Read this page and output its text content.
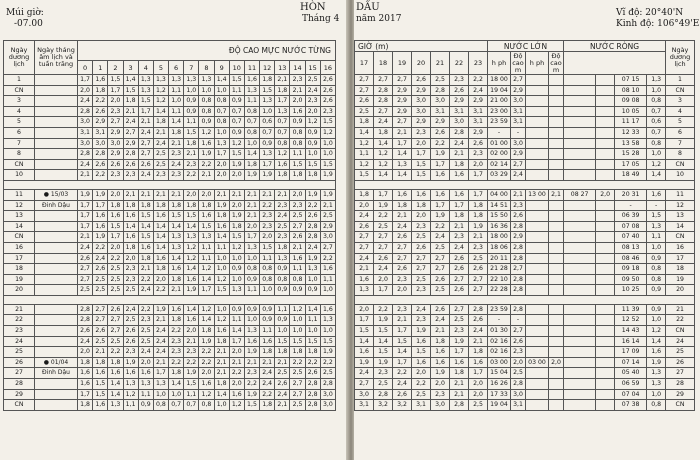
Múi giờ:
-07.00
HÒN
Tháng 4
Ngày dương lịch	Ngày tháng âm lịch và tuần trăng	ĐỘ CAO MỰC NƯỚC TỪNG																
		0	1	2	3	4	5	6	7	8	9	10	11	12	13	14	15	16
1		1,7	1,6	1,5	1,4	1,3	1,3	1,3	1,3	1,3	1,4	1,5	1,6	1,8	2,1	2,3	2,5	2,6
CN		2,0	1,8	1,7	1,5	1,3	1,2	1,1	1,0	1,0	1,0	1,1	1,3	1,5	1,8	2,1	2,4	2,6
3		2,4	2,2	2,0	1,8	1,5	1,2	1,0	0,9	0,8	0,8	0,9	1,1	1,3	1,7	2,0	2,3	2,6
4		2,8	2,6	2,3	2,1	1,7	1,4	1,1	0,9	0,8	0,7	0,7	0,8	1,0	1,3	1,6	2,0	2,3
5		3,0	2,9	2,7	2,4	2,1	1,8	1,4	1,1	0,9	0,8	0,7	0,7	0,6	0,7	0,9	1,2	1,5
6		3,1	3,1	2,9	2,7	2,4	2,1	1,8	1,5	1,2	1,0	0,9	0,8	0,7	0,7	0,8	0,9	1,2
7		3,0	3,0	3,0	2,9	2,7	2,4	2,1	1,8	1,6	1,3	1,2	1,0	0,9	0,8	0,8	0,9	1,0
8		2,8	2,8	2,9	2,8	2,7	2,5	2,3	2,1	1,9	1,7	1,5	1,4	1,3	1,2	1,1	1,0	1,0
CN		2,4	2,6	2,6	2,6	2,6	2,5	2,4	2,3	2,2	2,0	1,9	1,8	1,7	1,6	1,5	1,5	1,5
10		2,1	2,2	2,3	2,3	2,4	2,3	2,3	2,2	2,1	2,0	2,0	1,9	1,9	1,8	1,8	1,8	1,9

11	● 15/03	1,9	1,9	2,0	2,1	2,1	2,1	2,1	2,0	2,0	2,1	2,1	2,1	2,1	2,1	2,0	1,9	1,9
12	Đinh Dậu	1,7	1,7	1,8	1,8	1,8	1,8	1,8	1,8	1,8	1,9	2,0	2,1	2,2	2,3	2,3	2,2	2,1
13		1,7	1,6	1,6	1,6	1,5	1,6	1,5	1,5	1,6	1,8	1,9	2,1	2,3	2,4	2,5	2,6	2,5
14		1,7	1,6	1,5	1,4	1,4	1,4	1,4	1,4	1,5	1,6	1,8	2,0	2,3	2,5	2,7	2,8	2,9
CN		2,1	1,9	1,7	1,6	1,5	1,4	1,3	1,3	1,3	1,4	1,5	1,7	2,0	2,3	2,6	2,8	3,0
16		2,4	2,2	2,0	1,8	1,6	1,4	1,3	1,2	1,1	1,1	1,2	1,3	1,5	1,8	2,1	2,4	2,7
17		2,6	2,4	2,2	2,0	1,8	1,6	1,4	1,2	1,1	1,0	1,0	1,0	1,1	1,3	1,6	1,9	2,2
18		2,7	2,6	2,5	2,3	2,1	1,8	1,6	1,4	1,2	1,0	0,9	0,8	0,8	0,9	1,1	1,3	1,6
19		2,7	2,5	2,5	2,3	2,2	2,0	1,8	1,6	1,4	1,2	1,0	0,9	0,8	0,8	0,8	1,0	1,1
20		2,5	2,5	2,5	2,5	2,4	2,2	2,1	1,9	1,7	1,5	1,3	1,1	1,0	0,9	0,9	0,9	1,0

21		2,8	2,7	2,6	2,4	2,2	1,9	1,6	1,4	1,2	1,0	0,9	0,9	0,9	1,1	1,2	1,4	1,6
22		2,8	2,7	2,7	2,5	2,3	2,1	1,8	1,6	1,4	1,2	1,1	1,0	0,9	0,9	1,0	1,1	1,3
23		2,6	2,6	2,7	2,6	2,5	2,4	2,2	2,0	1,8	1,6	1,4	1,3	1,1	1,0	1,0	1,0	1,0
24		2,4	2,5	2,5	2,6	2,5	2,4	2,3	2,1	1,9	1,8	1,7	1,6	1,6	1,5	1,5	1,5	1,5
25		2,0	2,1	2,2	2,3	2,4	2,4	2,3	2,3	2,2	2,1	2,0	1,9	1,8	1,8	1,8	1,8	1,9
26	● 01/04	1,8	1,8	1,8	1,9	2,0	2,1	2,2	2,2	2,2	2,1	2,1	2,1	2,1	2,1	2,2	2,2	2,2
27	Đinh Dậu	1,6	1,6	1,6	1,6	1,6	1,7	1,8	1,9	2,0	2,1	2,2	2,3	2,4	2,5	2,5	2,6	2,5
28		1,6	1,5	1,4	1,3	1,3	1,3	1,4	1,5	1,6	1,8	2,0	2,2	2,4	2,6	2,7	2,8	2,8
29		1,7	1,5	1,4	1,2	1,1	1,0	1,0	1,1	1,2	1,4	1,6	1,9	2,2	2,4	2,7	2,8	3,0
CN		1,8	1,6	1,3	1,1	0,9	0,8	0,7	0,7	0,8	1,0	1,2	1,5	1,8	2,1	2,5	2,8	3,0
DẤU
năm 2017
Vĩ độ: 20°40'N
Kinh độ: 106°49'E
GIỜ (m)							NƯỚC LỚN				NƯỚC RÒNG				Ngày dương lịch
17	18	19	20	21	22	23	h ph	Độ cao m	h ph	Độ cao m					
2,7	2,7	2,7	2,6	2,5	2,3	2,2	18 00	2,7					07 15	1,3	1
2,7	2,8	2,9	2,9	2,8	2,6	2,4	19 04	2,9					08 10	1,0	CN
2,6	2,8	2,9	3,0	3,0	2,9	2,9	21 00	3,0					09 08	0,8	3
2,5	2,7	2,9	3,0	3,1	3,1	3,1	23 00	3,1					10 05	0,7	4
1,8	2,4	2,7	2,9	2,9	3,0	3,1	23 59	3,1					11 17	0,6	5
1,4	1,8	2,1	2,3	2,6	2,8	2,9	-	-					12 33	0,7	6
1,2	1,4	1,7	2,0	2,2	2,4	2,6	01 00	3,0					13 58	0,8	7
1,1	1,2	1,4	1,7	1,9	2,1	2,3	02 00	2,9					15 28	1,0	8
1,2	1,2	1,3	1,5	1,7	1,8	2,0	02 14	2,7					17 05	1,2	CN
1,5	1,4	1,4	1,5	1,6	1,6	1,7	03 29	2,4					18 49	1,4	10

1,8	1,7	1,6	1,6	1,6	1,6	1,7	04 00	2,1	13 00	2,1	08 27	2,0	20 31	1,6	11
2,0	1,9	1,8	1,8	1,7	1,7	1,8	14 51	2,3					-	-	12
2,4	2,2	2,1	2,0	1,9	1,8	1,8	15 50	2,6					06 39	1,5	13
2,6	2,5	2,4	2,3	2,2	2,1	1,9	16 36	2,8					07 08	1,3	14
2,7	2,7	2,6	2,5	2,4	2,3	2,1	18 00	2,9					07 40	1,1	CN
2,7	2,7	2,7	2,6	2,5	2,4	2,3	18 06	2,8					08 13	1,0	16
2,4	2,6	2,7	2,7	2,7	2,6	2,5	20 11	2,8					08 46	0,9	17
2,1	2,4	2,6	2,7	2,7	2,6	2,6	21 28	2,7					09 18	0,8	18
1,6	2,0	2,3	2,5	2,6	2,7	2,7	22 10	2,8					09 50	0,8	19
1,3	1,7	2,0	2,3	2,5	2,6	2,7	22 28	2,8					10 25	0,9	20

2,0	2,2	2,3	2,4	2,6	2,7	2,8	23 59	2,8					11 39	0,9	21
1,7	1,9	2,1	2,3	2,4	2,5	2,6	-	-					12 52	1,0	22
1,5	1,5	1,7	1,9	2,1	2,3	2,4	01 30	2,7					14 43	1,2	CN
1,4	1,4	1,5	1,6	1,8	1,9	2,1	02 16	2,6					16 14	1,4	24
1,6	1,5	1,4	1,5	1,6	1,7	1,8	02 16	2,3					17 09	1,6	25
1,9	1,9	1,7	1,6	1,6	1,6	1,6	03 00	2,0	03 00	2,0			07 14	1,9	26
2,4	2,3	2,2	2,0	1,9	1,8	1,7	15 04	2,5					05 40	1,3	27
2,7	2,5	2,4	2,2	2,0	2,1	2,0	16 26	2,8					06 59	1,3	28
3,0	2,8	2,6	2,5	2,3	2,1	2,0	17 33	3,0					07 04	1,0	29
3,1	3,2	3,2	3,1	3,0	2,8	2,5	19 04	3,1					07 38	0,8	CN
